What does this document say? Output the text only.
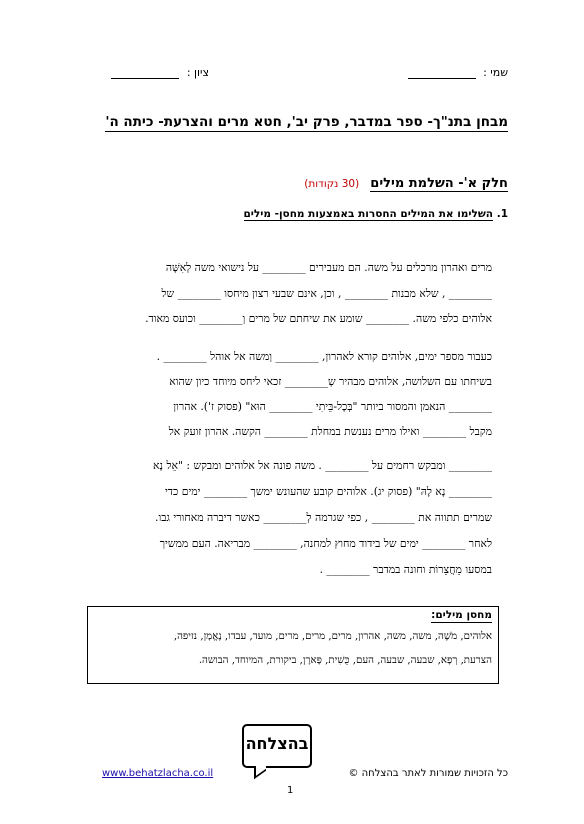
שמי :
ציון :
מבחן בתנ"ך- ספר במדבר, פרק יב', חטא מרים והצרעת- כיתה ה'
חלק א'- השלמת מילים (30 נקודות)
1. השלימו את המילים החסרות באמצעות מחסן- מילים
מרים ואהרון מרכלים על משה. הם מעבירים ________ על נישואי משה לְאִשָּׁה
________ , שלא מבנות ________ , וכן, אינם שבעי רצון מיחסו ________ של
אלוהים כלפי משה. ________ שומע את שיחתם של מרים וְ________ וכועס מאוד.
כעבור מספר ימים, אלוהים קורא לאהרון, ________ וְמשה אל אוהל ________ .
בשיחתו עם השלושה, אלוהים מבהיר שְ________ זכאי ליחס מיוחד כיון שהוא
________ הנאמן והמסור ביותר "בְּכָל-בֵּיתִי ________ הוּא" (פסוק ז'). אהרון
מקבל ________ ואילו מרים נענשת במחלת ________ הקשה. אהרון זועק אל
________ ומבקש רחמים על ________ . משה פונה אל אלוהים ומבקש : "אֵל נָא
________ נָא לָהּ" (פסוק יג). אלוהים קובע שהעונש ימשך ________ ימים כדי
שמרים תתווה את ________ , כפי שגרמה לְ________ כאשר דיברה מאחורי גבו.
לאחר ________ ימים של בידוד מחוץ למחנה, ________ מבריאה. העם ממשיך
במסעו מֵחֲצֵרוֹת וחונה במדבר ________ .
מחסן מילים:
אלוהים, מֹשֶׁה, משה, משה, אהרון, מרים, מרים, מרים, מועד, עבדו, נֶאֱמָן, נזיפה,
הצרעת, רְפָא, שבעה, שבעה, העם, כֻּשִׁית, פָּארָן, ביקורת, המיוחד, הבושה.
בהצלחה
www.behatzlacha.co.il	כל הזכויות שמורות לאתר בהצלחה ©
1
